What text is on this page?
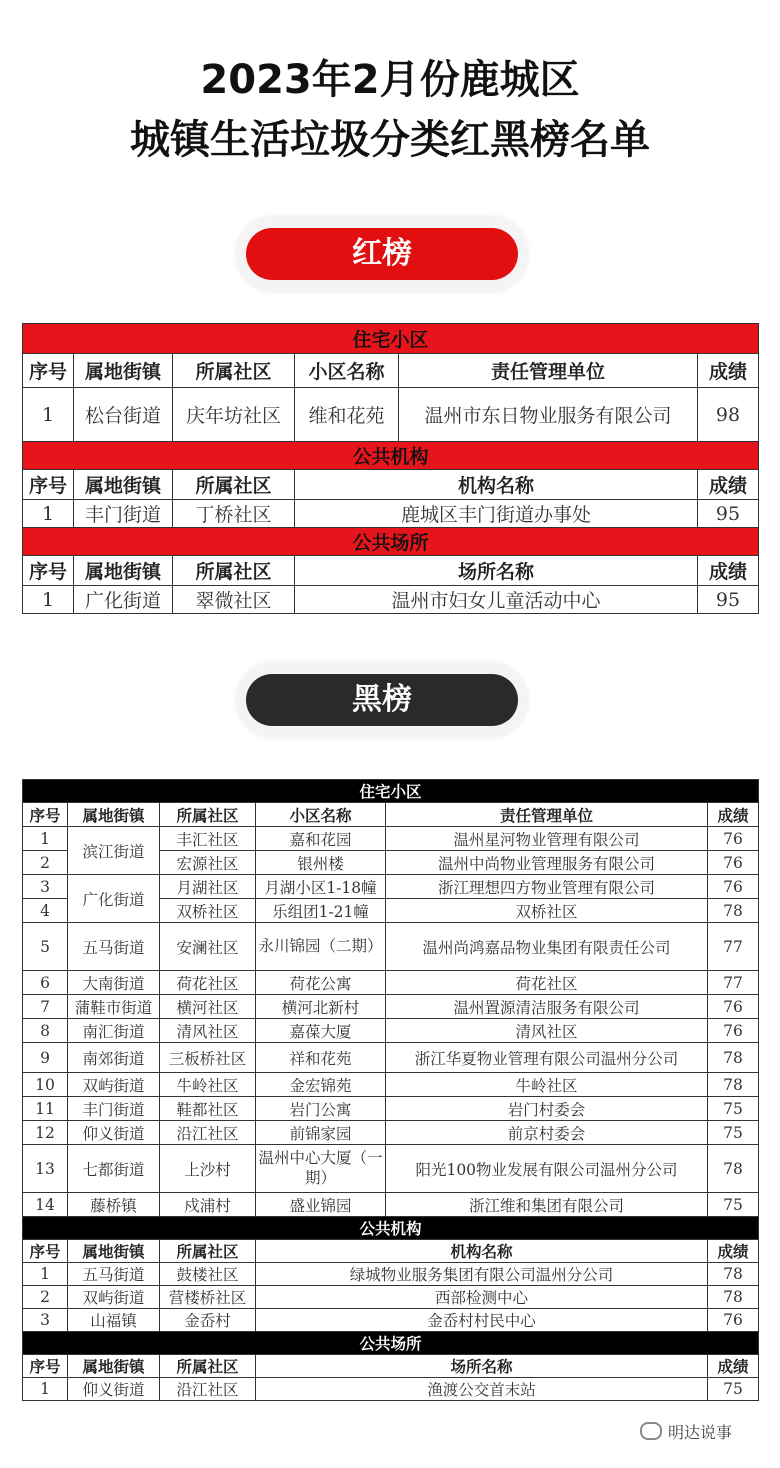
2023年2月份鹿城区
城镇生活垃圾分类红黑榜名单
红榜
住宅小区					
序号	属地街镇	所属社区	小区名称	责任管理单位	成绩
1	松台街道	庆年坊社区	维和花苑	温州市东日物业服务有限公司	98
公共机构					
序号	属地街镇	所属社区	机构名称		成绩
1	丰门街道	丁桥社区	鹿城区丰门街道办事处		95
公共场所					
序号	属地街镇	所属社区	场所名称		成绩
1	广化街道	翠微社区	温州市妇女儿童活动中心		95
黑榜
住宅小区					
序号	属地街镇	所属社区	小区名称	责任管理单位	成绩
1	滨江街道	丰汇社区	嘉和花园	温州星河物业管理有限公司	76
2		宏源社区	银州楼	温州中尚物业管理服务有限公司	76
3	广化街道	月湖社区	月湖小区1-18幢	浙江理想四方物业管理有限公司	76
4		双桥社区	乐组团1-21幢	双桥社区	78
5	五马街道	安澜社区	永川锦园（二期）	温州尚鸿嘉品物业集团有限责任公司	77
6	大南街道	荷花社区	荷花公寓	荷花社区	77
7	蒲鞋市街道	横河社区	横河北新村	温州置源清洁服务有限公司	76
8	南汇街道	清风社区	嘉葆大厦	清风社区	76
9	南郊街道	三板桥社区	祥和花苑	浙江华夏物业管理有限公司温州分公司	78
10	双屿街道	牛岭社区	金宏锦苑	牛岭社区	78
11	丰门街道	鞋都社区	岩门公寓	岩门村委会	75
12	仰义街道	沿江社区	前锦家园	前京村委会	75
13	七都街道	上沙村	温州中心大厦（一期）	阳光100物业发展有限公司温州分公司	78
14	藤桥镇	戍浦村	盛业锦园	浙江维和集团有限公司	75
公共机构					
序号	属地街镇	所属社区	机构名称		成绩
1	五马街道	鼓楼社区	绿城物业服务集团有限公司温州分公司		78
2	双屿街道	营楼桥社区	西部检测中心		78
3	山福镇	金岙村	金岙村村民中心		76
公共场所					
序号	属地街镇	所属社区	场所名称		成绩
1	仰义街道	沿江社区	渔渡公交首末站		75
明达说事
